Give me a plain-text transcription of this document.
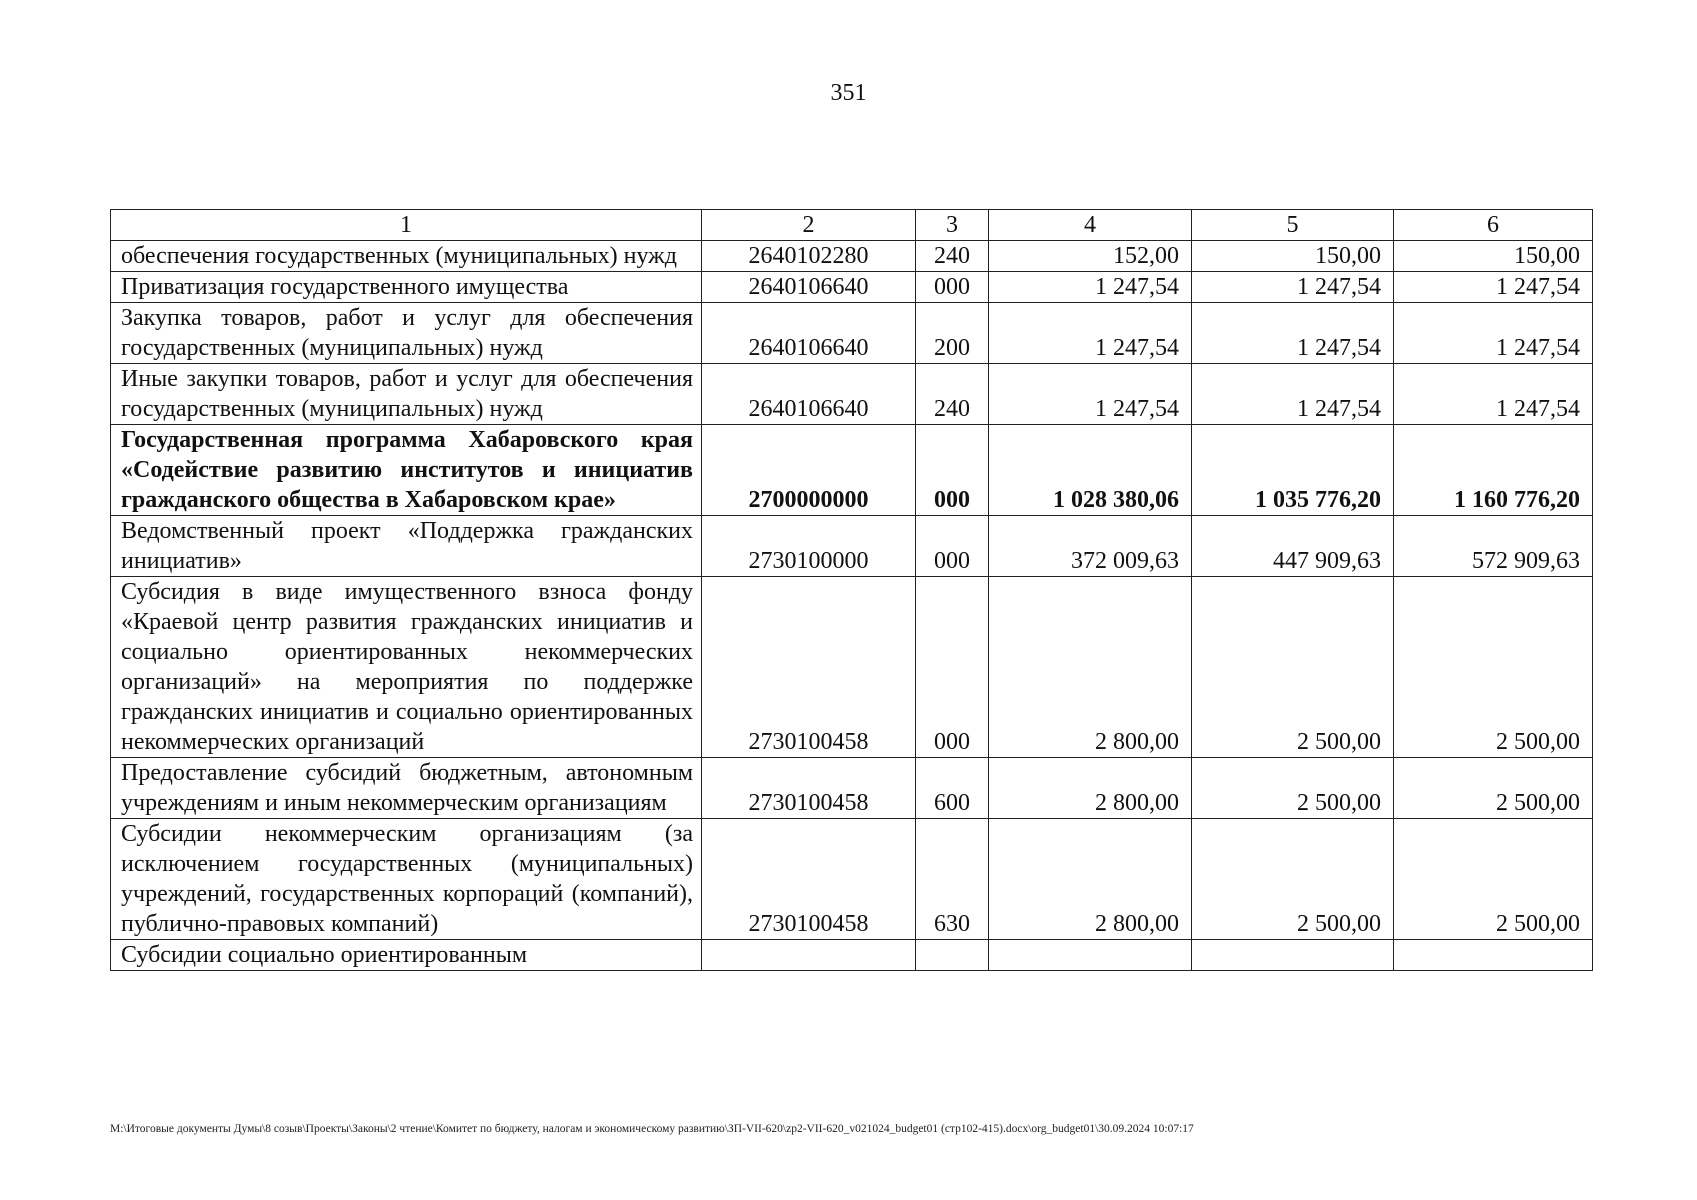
351
1	2	3	4	5	6
обеспечения государственных (муниципальных) нужд	2640102280	240	152,00	150,00	150,00
Приватизация государственного имущества	2640106640	000	1 247,54	1 247,54	1 247,54
Закупка товаров, работ и услуг для обеспечения государственных (муниципальных) нужд	2640106640	200	1 247,54	1 247,54	1 247,54
Иные закупки товаров, работ и услуг для обеспечения государственных (муниципальных) нужд	2640106640	240	1 247,54	1 247,54	1 247,54
Государственная программа Хабаровского края «Содействие развитию институтов и инициатив гражданского общества в Хабаровском крае»	2700000000	000	1 028 380,06	1 035 776,20	1 160 776,20
Ведомственный проект «Поддержка гражданских инициатив»	2730100000	000	372 009,63	447 909,63	572 909,63
Субсидия в виде имущественного взноса фонду «Краевой центр развития гражданских инициатив и социально ориентированных некоммерческих организаций» на мероприятия по поддержке гражданских инициатив и социально ориентированных некоммерческих организаций	2730100458	000	2 800,00	2 500,00	2 500,00
Предоставление субсидий бюджетным, автономным учреждениям и иным некоммерческим организациям	2730100458	600	2 800,00	2 500,00	2 500,00
Субсидии некоммерческим организациям (за исключением государственных (муниципальных) учреждений, государственных корпораций (компаний), публично-правовых компаний)	2730100458	630	2 800,00	2 500,00	2 500,00
Субсидии социально ориентированным					
M:\Итоговые документы Думы\8 созыв\Проекты\Законы\2 чтение\Комитет по бюджету, налогам и экономическому развитию\ЗП-VII-620\zp2-VII-620_v021024_budget01 (стр102-415).docx\org_budget01\30.09.2024 10:07:17
